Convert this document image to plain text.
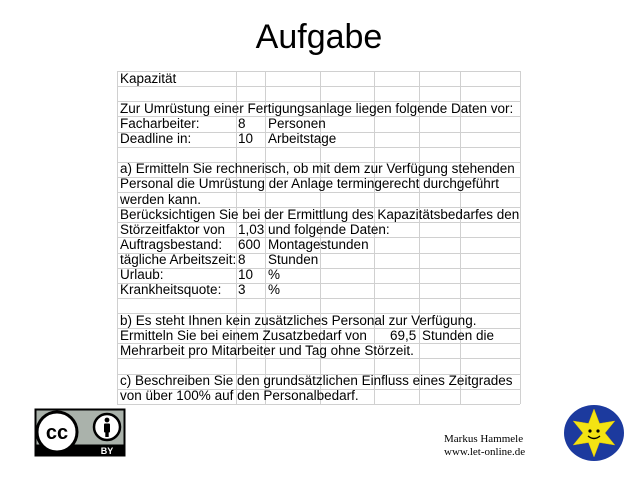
Aufgabe
Kapazität
Zur Umrüstung einer Fertigungsanlage liegen folgende Daten vor:
Facharbeiter:	8 Personen
Deadline in:	10 Arbeitstage
a) Ermitteln Sie rechnerisch, ob mit dem zur Verfügung stehenden
Personal die Umrüstung der Anlage termingerecht durchgeführt
werden kann.
Berücksichtigen Sie bei der Ermittlung des Kapazitätsbedarfes den
Störzeitfaktor von 1,03 und folgende Daten:
Auftragsbestand: 600 Montagestunden
tägliche Arbeitszeit: 8 Stunden
Urlaub:	10 %
Krankheitsquote: 3 %
b) Es steht Ihnen kein zusätzliches Personal zur Verfügung.
Ermitteln Sie bei einem Zusatzbedarf von 69,5 Stunden die
Mehrarbeit pro Mitarbeiter und Tag ohne Störzeit.
c) Beschreiben Sie den grundsätzlichen Einfluss eines Zeitgrades
von über 100% auf den Personalbedarf.
cc
BY
Markus Hammele
www.let-online.de
